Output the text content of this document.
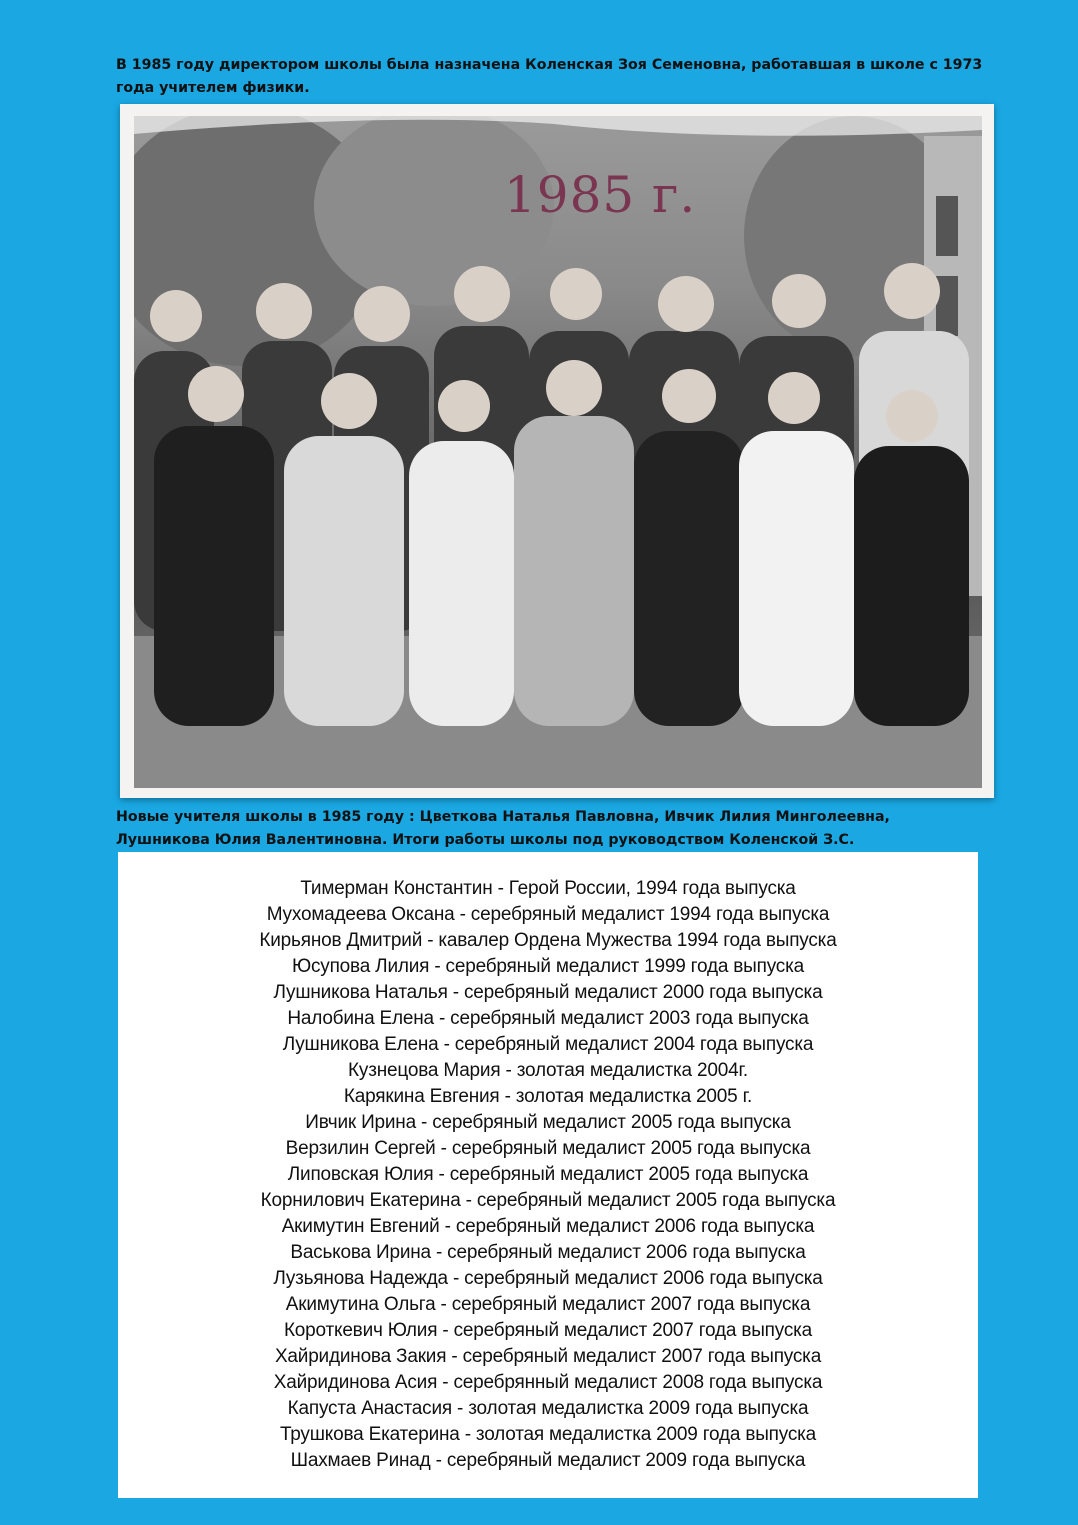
В 1985 году директором школы была назначена Коленская Зоя Семеновна, работавшая в школе с 1973 года учителем физики.

1985 г.

Новые учителя школы в 1985 году : Цветкова Наталья Павловна, Ивчик Лилия Минголеевна, Лушникова Юлия Валентиновна. Итоги работы школы под руководством Коленской З.С.

Тимерман Константин - Герой России, 1994 года выпуска
Мухомадеева Оксана - серебряный медалист 1994 года выпуска
Кирьянов Дмитрий - кавалер Ордена Мужества 1994 года выпуска
Юсупова Лилия - серебряный медалист 1999 года выпуска
Лушникова Наталья - серебряный медалист 2000 года выпуска
Налобина Елена - серебряный медалист 2003 года выпуска
Лушникова Елена - серебряный медалист 2004 года выпуска
Кузнецова Мария - золотая медалистка 2004г.
Карякина Евгения - золотая медалистка 2005 г.
Ивчик Ирина - серебряный медалист 2005 года выпуска
Верзилин Сергей - серебряный медалист 2005 года выпуска
Липовская Юлия - серебряный медалист 2005 года выпуска
Корнилович Екатерина - серебряный медалист 2005 года выпуска
Акимутин Евгений - серебряный медалист 2006 года выпуска
Васькова Ирина - серебряный медалист 2006 года выпуска
Лузьянова Надежда - серебряный медалист 2006 года выпуска
Акимутина Ольга - серебряный медалист 2007 года выпуска
Короткевич Юлия - серебряный медалист 2007 года выпуска
Хайридинова Закия - серебряный медалист 2007 года выпуска
Хайридинова Асия - серебрянный медалист 2008 года выпуска
Капуста Анастасия - золотая медалистка 2009 года выпуска
Трушкова Екатерина - золотая медалистка 2009 года выпуска
Шахмаев Ринад - серебряный медалист 2009 года выпуска
